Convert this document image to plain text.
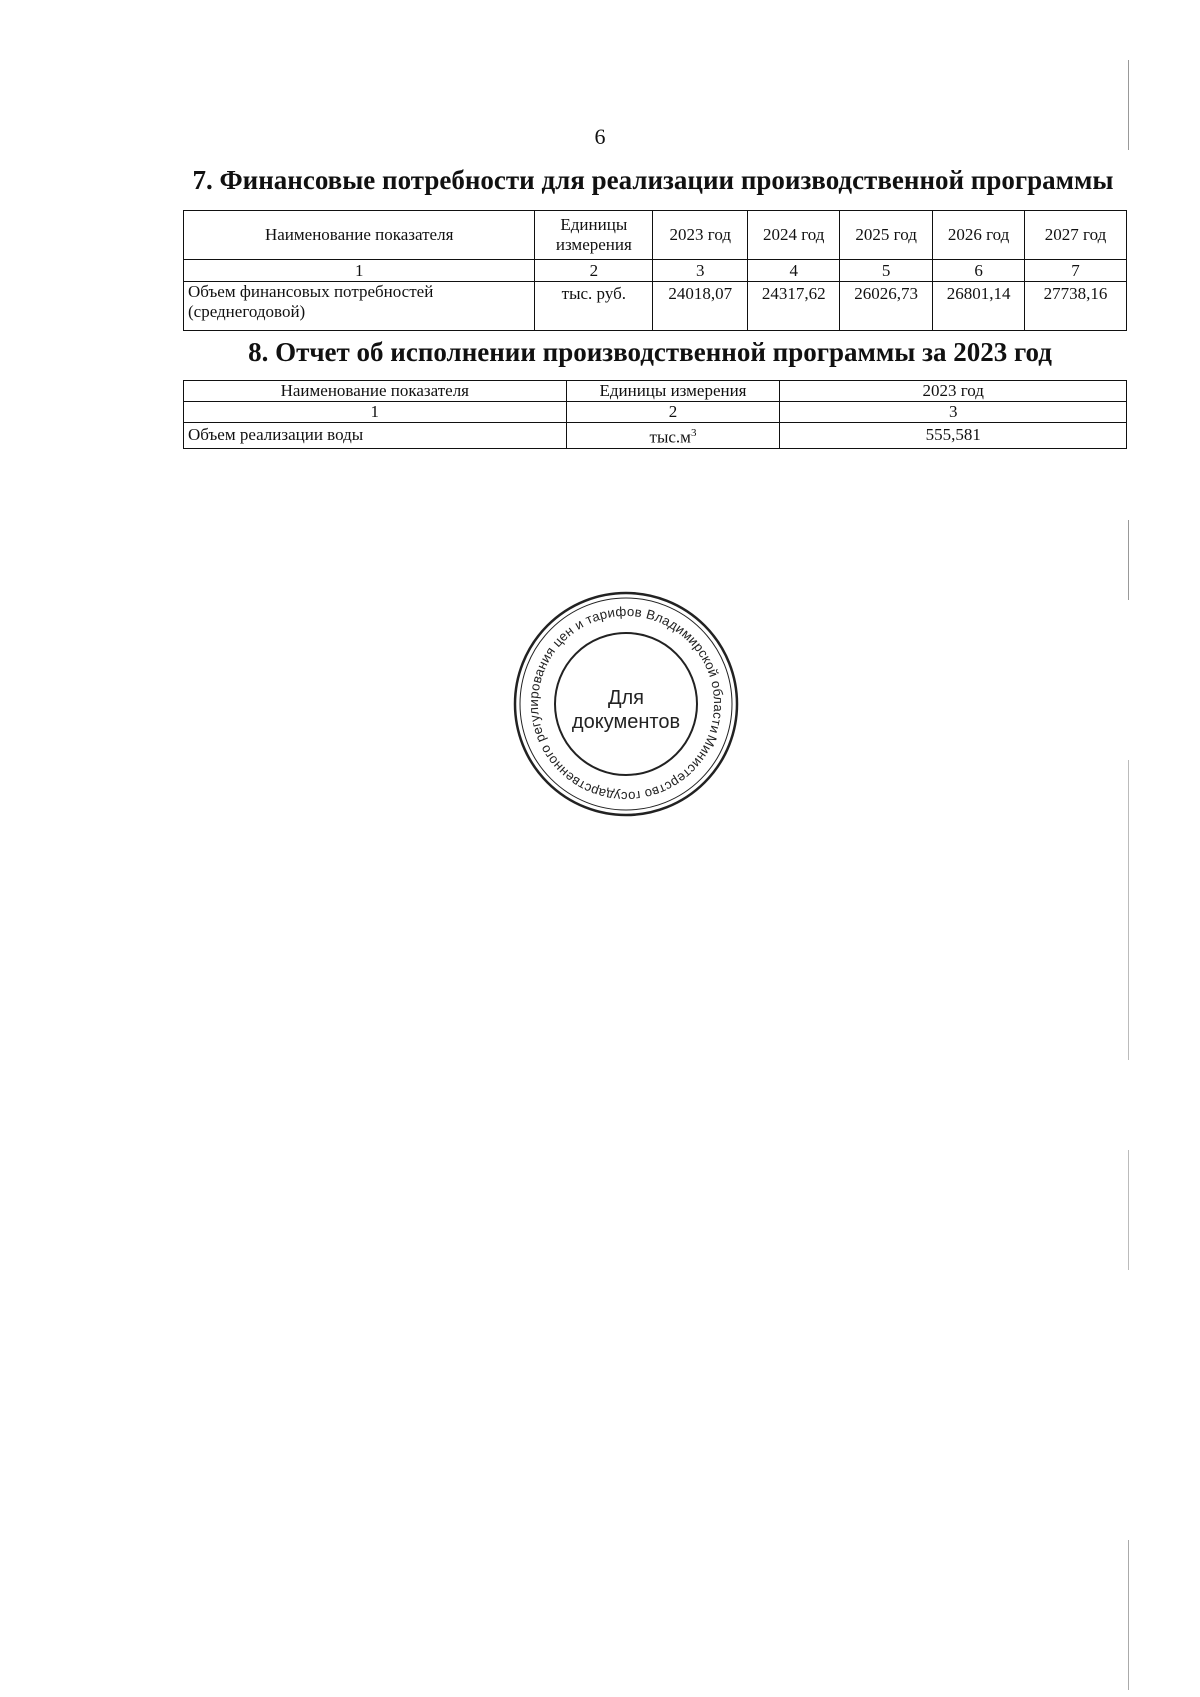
6
7. Финансовые потребности для реализации производственной программы
Наименование показателя	Единицы измерения	2023 год	2024 год	2025 год	2026 год	2027 год
1	2	3	4	5	6	7
Объем финансовых потребностей (среднегодовой)	тыс. руб.	24018,07	24317,62	26026,73	26801,14	27738,16
8. Отчет об исполнении производственной программы за 2023 год
Наименование показателя	Единицы измерения	2023 год
1	2	3
Объем реализации воды	$тыс.м^3$	555,581
Министерство государственного регулирования цен и тарифов Владимирской области
Для
документов
